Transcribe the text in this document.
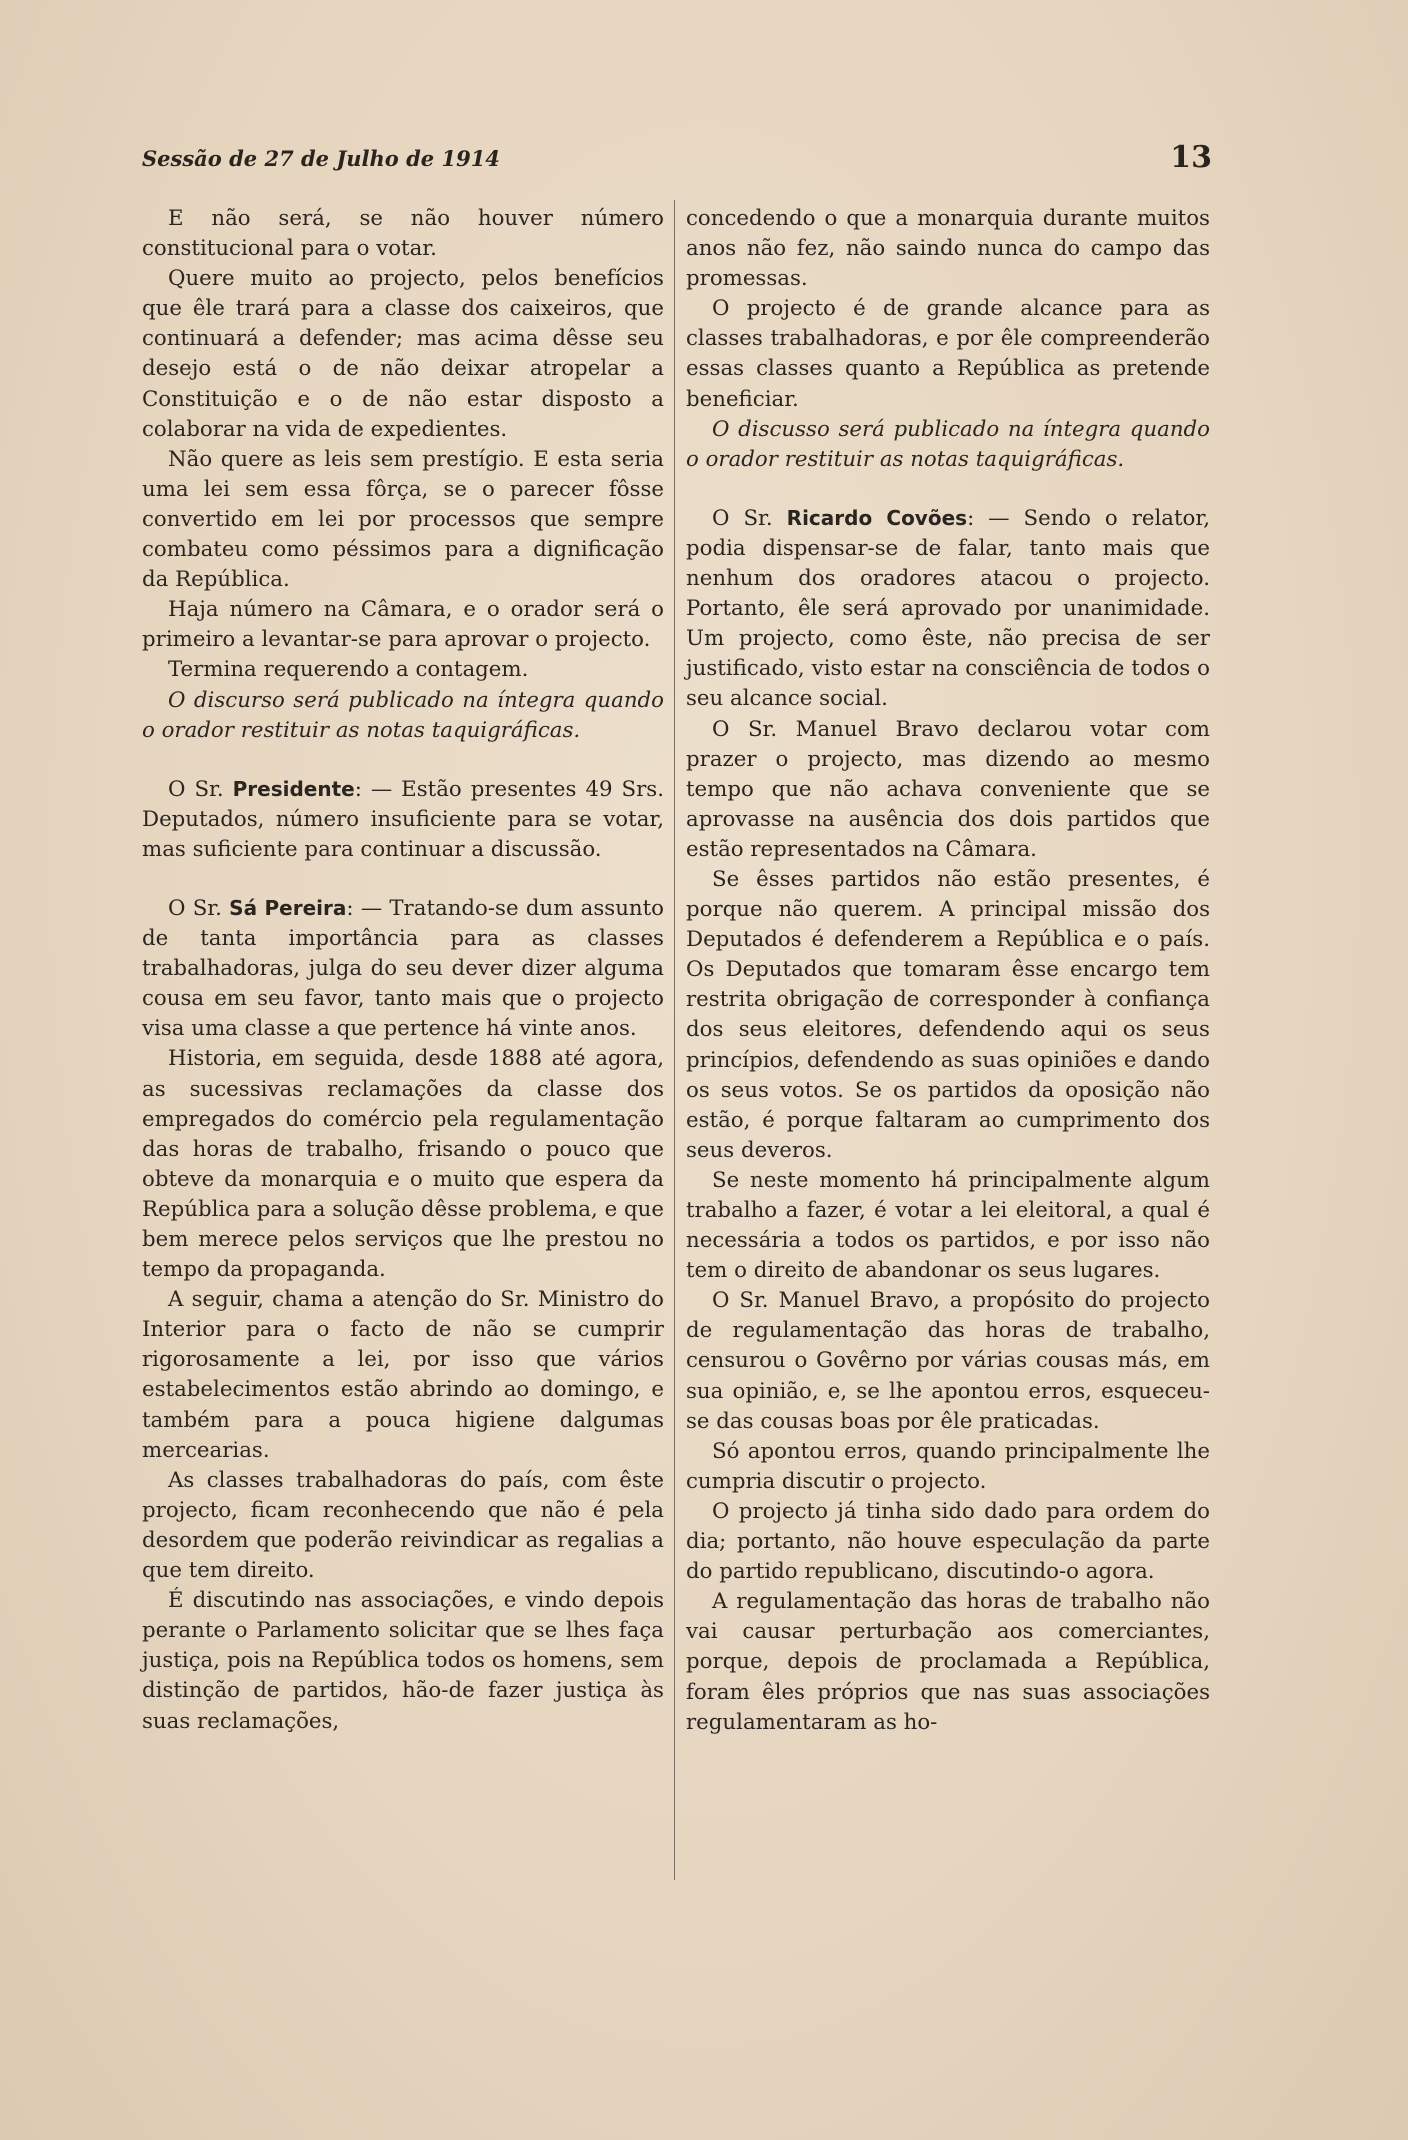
Sessão de 27 de Julho de 1914	13

E não será, se não houver número constitucional para o votar.

Quere muito ao projecto, pelos benefícios que êle trará para a classe dos caixeiros, que continuará a defender; mas acima dêsse seu desejo está o de não deixar atropelar a Constituição e o de não estar disposto a colaborar na vida de expedientes.

Não quere as leis sem prestígio. E esta seria uma lei sem essa fôrça, se o parecer fôsse convertido em lei por processos que sempre combateu como péssimos para a dignificação da República.

Haja número na Câmara, e o orador será o primeiro a levantar-se para aprovar o projecto.

Termina requerendo a contagem.

O discurso será publicado na íntegra quando o orador restituir as notas taquigráficas.

O Sr. Presidente: — Estão presentes 49 Srs. Deputados, número insuficiente para se votar, mas suficiente para continuar a discussão.

O Sr. Sá Pereira: — Tratando-se dum assunto de tanta importância para as classes trabalhadoras, julga do seu dever dizer alguma cousa em seu favor, tanto mais que o projecto visa uma classe a que pertence há vinte anos.

Historia, em seguida, desde 1888 até agora, as sucessivas reclamações da classe dos empregados do comércio pela regulamentação das horas de trabalho, frisando o pouco que obteve da monarquia e o muito que espera da República para a solução dêsse problema, e que bem merece pelos serviços que lhe prestou no tempo da propaganda.

A seguir, chama a atenção do Sr. Ministro do Interior para o facto de não se cumprir rigorosamente a lei, por isso que vários estabelecimentos estão abrindo ao domingo, e também para a pouca higiene dalgumas mercearias.

As classes trabalhadoras do país, com êste projecto, ficam reconhecendo que não é pela desordem que poderão reivindicar as regalias a que tem direito.

É discutindo nas associações, e vindo depois perante o Parlamento solicitar que se lhes faça justiça, pois na República todos os homens, sem distinção de partidos, hão-de fazer justiça às suas reclamações,

concedendo o que a monarquia durante muitos anos não fez, não saindo nunca do campo das promessas.

O projecto é de grande alcance para as classes trabalhadoras, e por êle compreenderão essas classes quanto a República as pretende beneficiar.

O discusso será publicado na íntegra quando o orador restituir as notas taquigráficas.

O Sr. Ricardo Covões: — Sendo o relator, podia dispensar-se de falar, tanto mais que nenhum dos oradores atacou o projecto. Portanto, êle será aprovado por unanimidade. Um projecto, como êste, não precisa de ser justificado, visto estar na consciência de todos o seu alcance social.

O Sr. Manuel Bravo declarou votar com prazer o projecto, mas dizendo ao mesmo tempo que não achava conveniente que se aprovasse na ausência dos dois partidos que estão representados na Câmara.

Se êsses partidos não estão presentes, é porque não querem. A principal missão dos Deputados é defenderem a República e o país. Os Deputados que tomaram êsse encargo tem restrita obrigação de corresponder à confiança dos seus eleitores, defendendo aqui os seus princípios, defendendo as suas opiniões e dando os seus votos. Se os partidos da oposição não estão, é porque faltaram ao cumprimento dos seus deveros.

Se neste momento há principalmente algum trabalho a fazer, é votar a lei eleitoral, a qual é necessária a todos os partidos, e por isso não tem o direito de abandonar os seus lugares.

O Sr. Manuel Bravo, a propósito do projecto de regulamentação das horas de trabalho, censurou o Govêrno por várias cousas más, em sua opinião, e, se lhe apontou erros, esqueceu-se das cousas boas por êle praticadas.

Só apontou erros, quando principalmente lhe cumpria discutir o projecto.

O projecto já tinha sido dado para ordem do dia; portanto, não houve especulação da parte do partido republicano, discutindo-o agora.

A regulamentação das horas de trabalho não vai causar perturbação aos comerciantes, porque, depois de proclamada a República, foram êles próprios que nas suas associações regulamentaram as ho-
